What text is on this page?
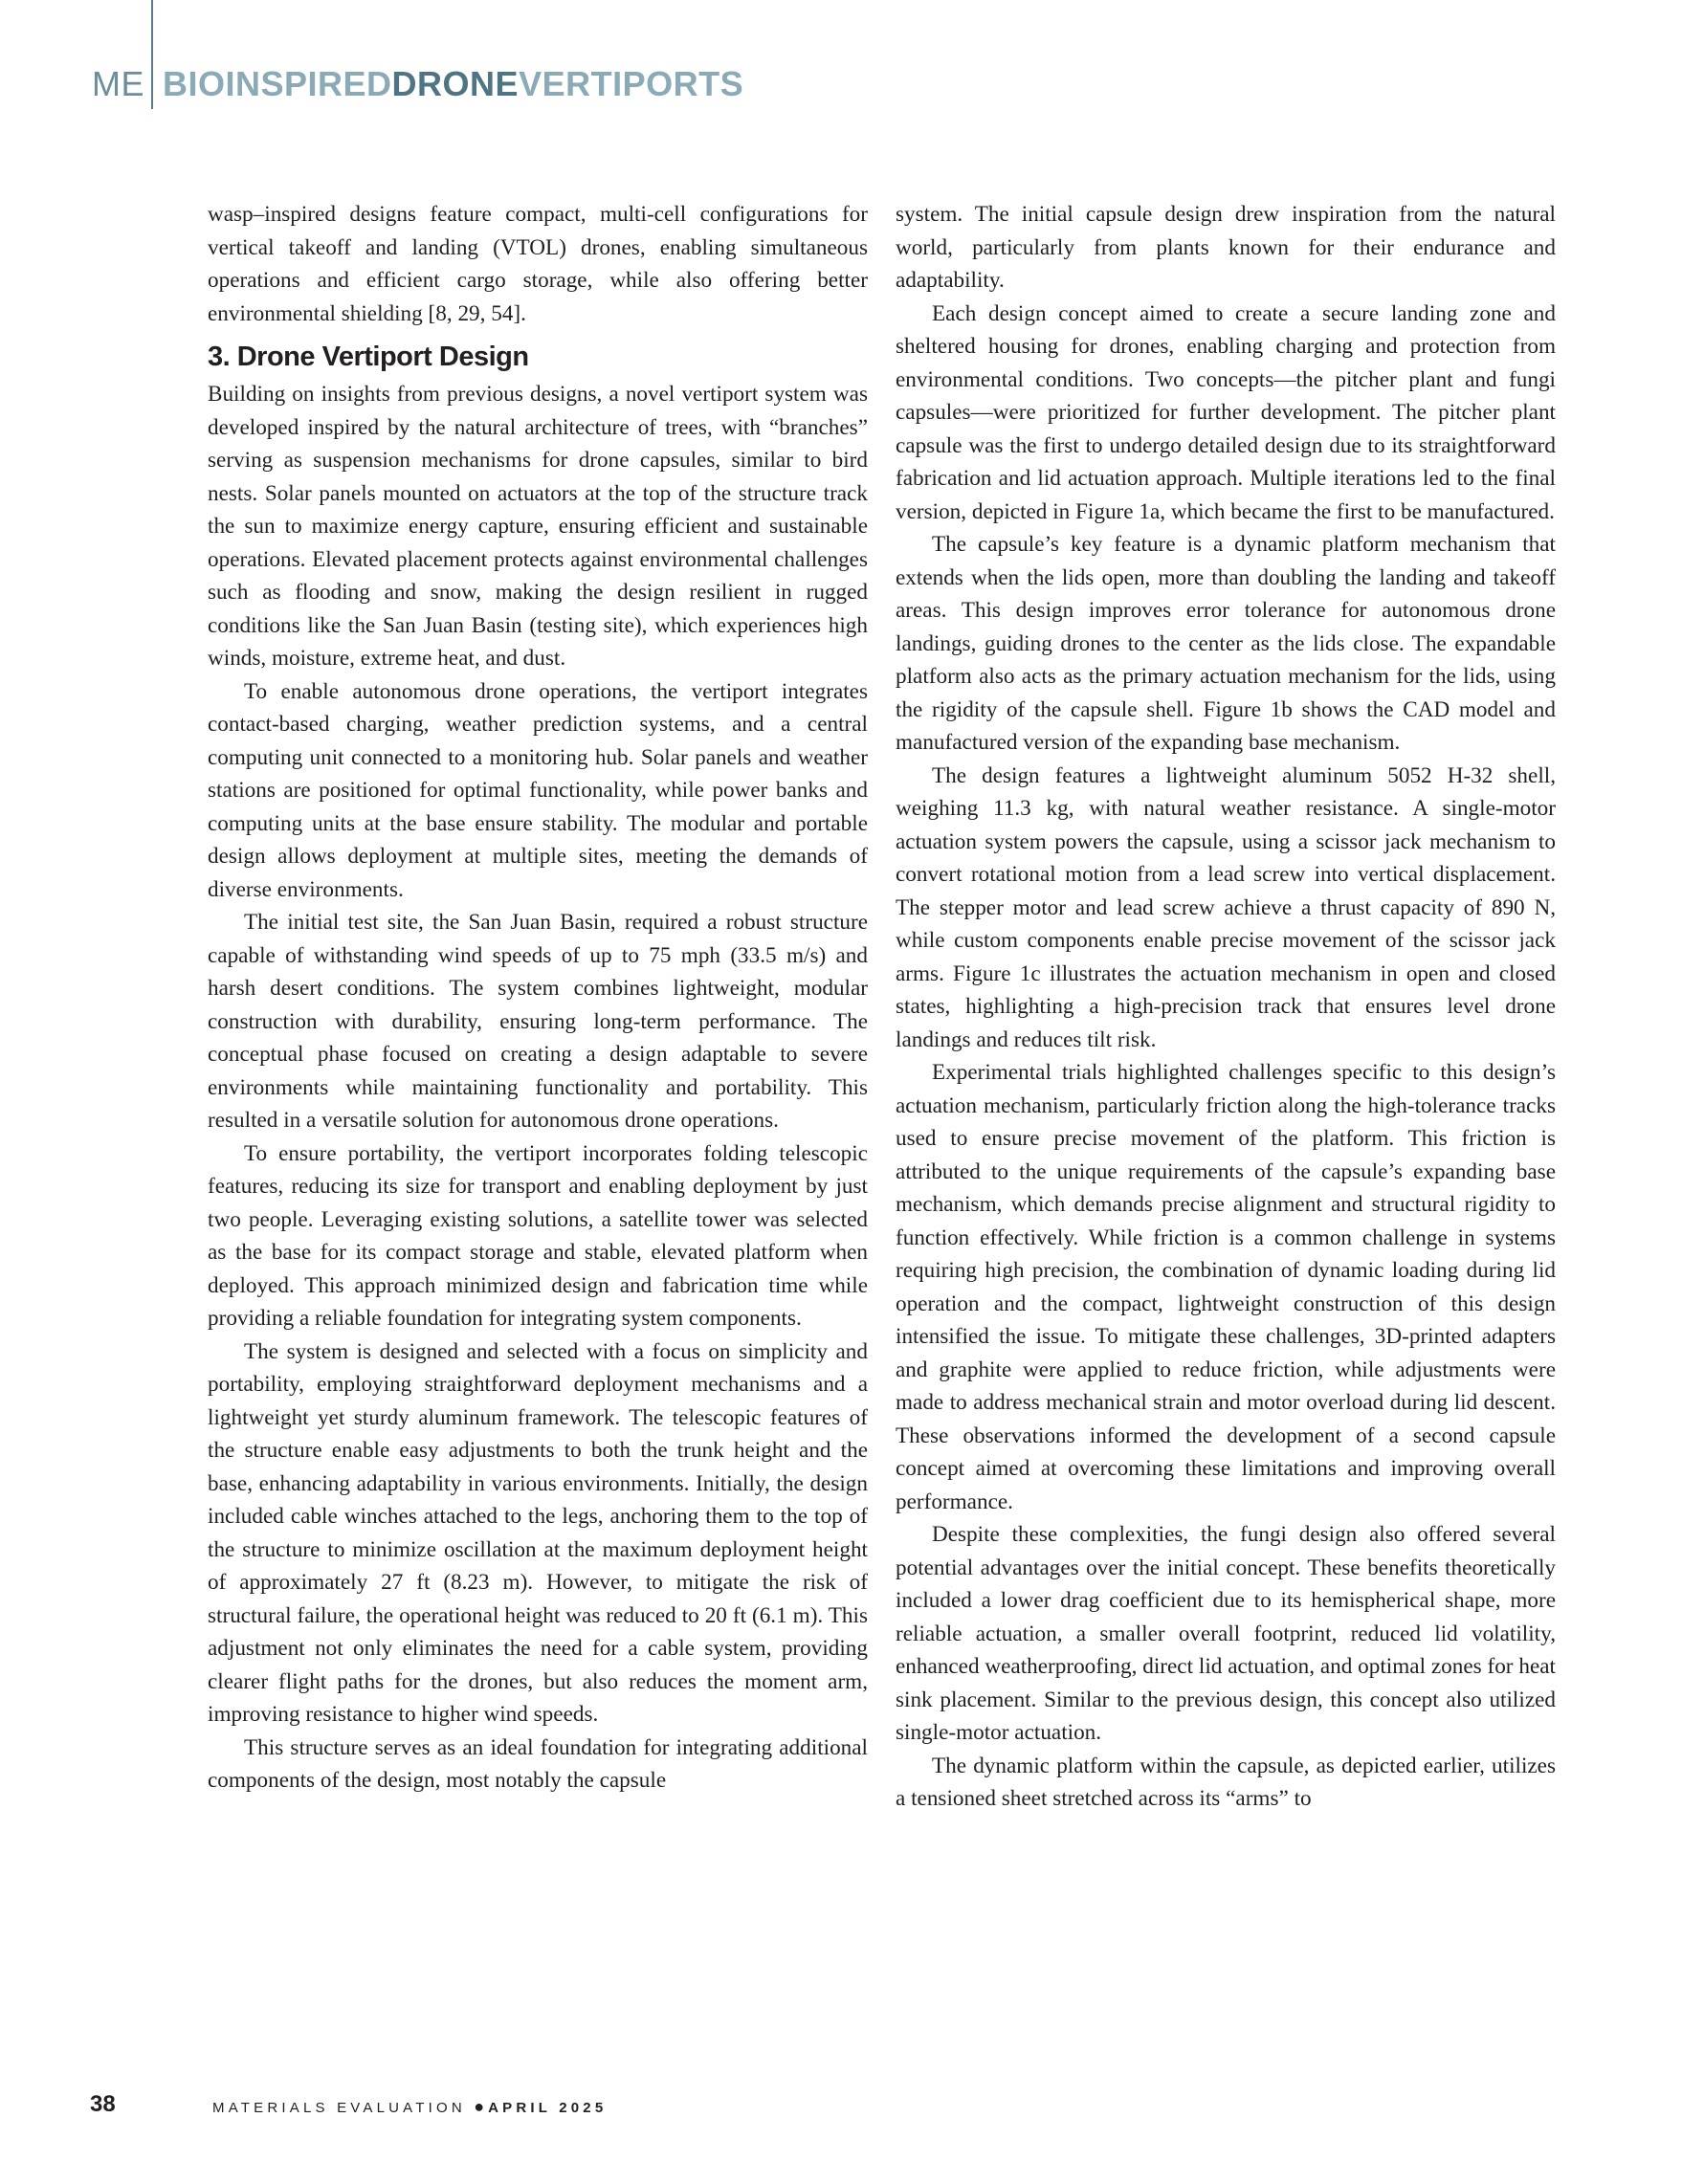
ME BIOINSPIREDDRONEVERTIPORTS

wasp–inspired designs feature compact, multi-cell configurations for vertical takeoff and landing (VTOL) drones, enabling simultaneous operations and efficient cargo storage, while also offering better environmental shielding [8, 29, 54].

3. Drone Vertiport Design

Building on insights from previous designs, a novel vertiport system was developed inspired by the natural architecture of trees, with “branches” serving as suspension mechanisms for drone capsules, similar to bird nests. Solar panels mounted on actuators at the top of the structure track the sun to maximize energy capture, ensuring efficient and sustainable operations. Elevated placement protects against environmental challenges such as flooding and snow, making the design resilient in rugged conditions like the San Juan Basin (testing site), which experiences high winds, moisture, extreme heat, and dust.

To enable autonomous drone operations, the vertiport integrates contact-based charging, weather prediction systems, and a central computing unit connected to a monitoring hub. Solar panels and weather stations are positioned for optimal functionality, while power banks and computing units at the base ensure stability. The modular and portable design allows deployment at multiple sites, meeting the demands of diverse environments.

The initial test site, the San Juan Basin, required a robust structure capable of withstanding wind speeds of up to 75 mph (33.5 m/s) and harsh desert conditions. The system combines lightweight, modular construction with durability, ensuring long-term performance. The conceptual phase focused on creating a design adaptable to severe environments while maintaining functionality and portability. This resulted in a versatile solution for autonomous drone operations.

To ensure portability, the vertiport incorporates folding telescopic features, reducing its size for transport and enabling deployment by just two people. Leveraging existing solutions, a satellite tower was selected as the base for its compact storage and stable, elevated platform when deployed. This approach minimized design and fabrication time while providing a reliable foundation for integrating system components.

The system is designed and selected with a focus on simplicity and portability, employing straightforward deployment mechanisms and a lightweight yet sturdy aluminum framework. The telescopic features of the structure enable easy adjustments to both the trunk height and the base, enhancing adaptability in various environments. Initially, the design included cable winches attached to the legs, anchoring them to the top of the structure to minimize oscillation at the maximum deployment height of approximately 27 ft (8.23 m). However, to mitigate the risk of structural failure, the operational height was reduced to 20 ft (6.1 m). This adjustment not only eliminates the need for a cable system, providing clearer flight paths for the drones, but also reduces the moment arm, improving resistance to higher wind speeds.

This structure serves as an ideal foundation for integrating additional components of the design, most notably the capsule

system. The initial capsule design drew inspiration from the natural world, particularly from plants known for their endurance and adaptability.

Each design concept aimed to create a secure landing zone and sheltered housing for drones, enabling charging and protection from environmental conditions. Two concepts—the pitcher plant and fungi capsules—were prioritized for further development. The pitcher plant capsule was the first to undergo detailed design due to its straightforward fabrication and lid actuation approach. Multiple iterations led to the final version, depicted in Figure 1a, which became the first to be manufactured.

The capsule’s key feature is a dynamic platform mechanism that extends when the lids open, more than doubling the landing and takeoff areas. This design improves error tolerance for autonomous drone landings, guiding drones to the center as the lids close. The expandable platform also acts as the primary actuation mechanism for the lids, using the rigidity of the capsule shell. Figure 1b shows the CAD model and manufactured version of the expanding base mechanism.

The design features a lightweight aluminum 5052 H-32 shell, weighing 11.3 kg, with natural weather resistance. A single-motor actuation system powers the capsule, using a scissor jack mechanism to convert rotational motion from a lead screw into vertical displacement. The stepper motor and lead screw achieve a thrust capacity of 890 N, while custom components enable precise movement of the scissor jack arms. Figure 1c illustrates the actuation mechanism in open and closed states, highlighting a high-precision track that ensures level drone landings and reduces tilt risk.

Experimental trials highlighted challenges specific to this design’s actuation mechanism, particularly friction along the high-tolerance tracks used to ensure precise movement of the platform. This friction is attributed to the unique requirements of the capsule’s expanding base mechanism, which demands precise alignment and structural rigidity to function effectively. While friction is a common challenge in systems requiring high precision, the combination of dynamic loading during lid operation and the compact, lightweight construction of this design intensified the issue. To mitigate these challenges, 3D-printed adapters and graphite were applied to reduce friction, while adjustments were made to address mechanical strain and motor overload during lid descent. These observations informed the development of a second capsule concept aimed at overcoming these limitations and improving overall performance.

Despite these complexities, the fungi design also offered several potential advantages over the initial concept. These benefits theoretically included a lower drag coefficient due to its hemispherical shape, more reliable actuation, a smaller overall footprint, reduced lid volatility, enhanced weatherproofing, direct lid actuation, and optimal zones for heat sink placement. Similar to the previous design, this concept also utilized single-motor actuation.

The dynamic platform within the capsule, as depicted earlier, utilizes a tensioned sheet stretched across its “arms” to

38	MATERIALS EVALUATION ● APRIL 2025
